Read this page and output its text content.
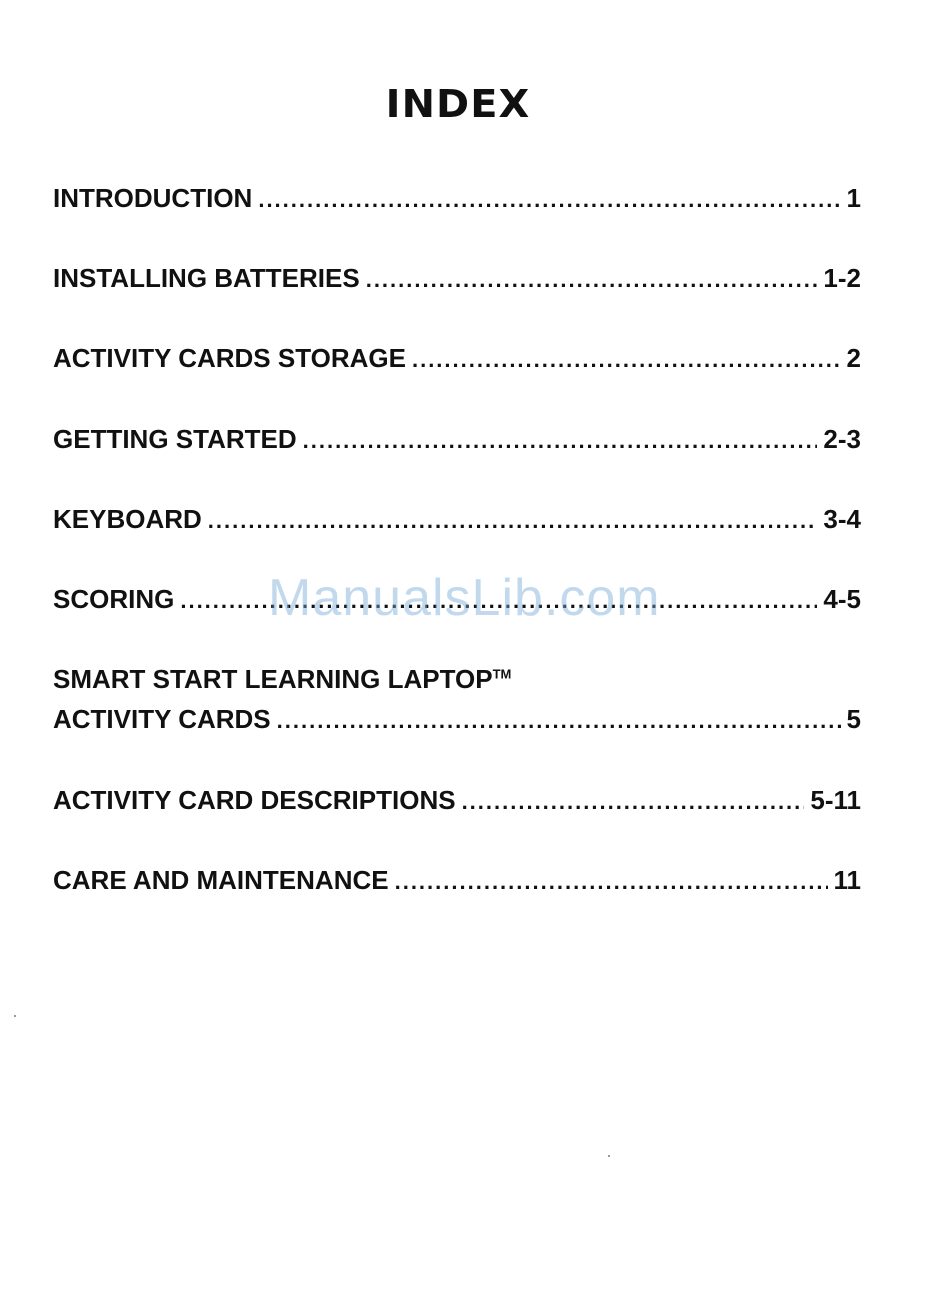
INDEX
INTRODUCTION .....	1
INSTALLING BATTERIES .....	1-2
ACTIVITY CARDS STORAGE .....	2
GETTING STARTED .....	2-3
KEYBOARD .....	3-4
SCORING .....	4-5
SMART START LEARNING LAPTOP™
ACTIVITY CARDS .....	5
ACTIVITY CARD DESCRIPTIONS .....	5-11
CARE AND MAINTENANCE .....	11
ManualsLib.com
